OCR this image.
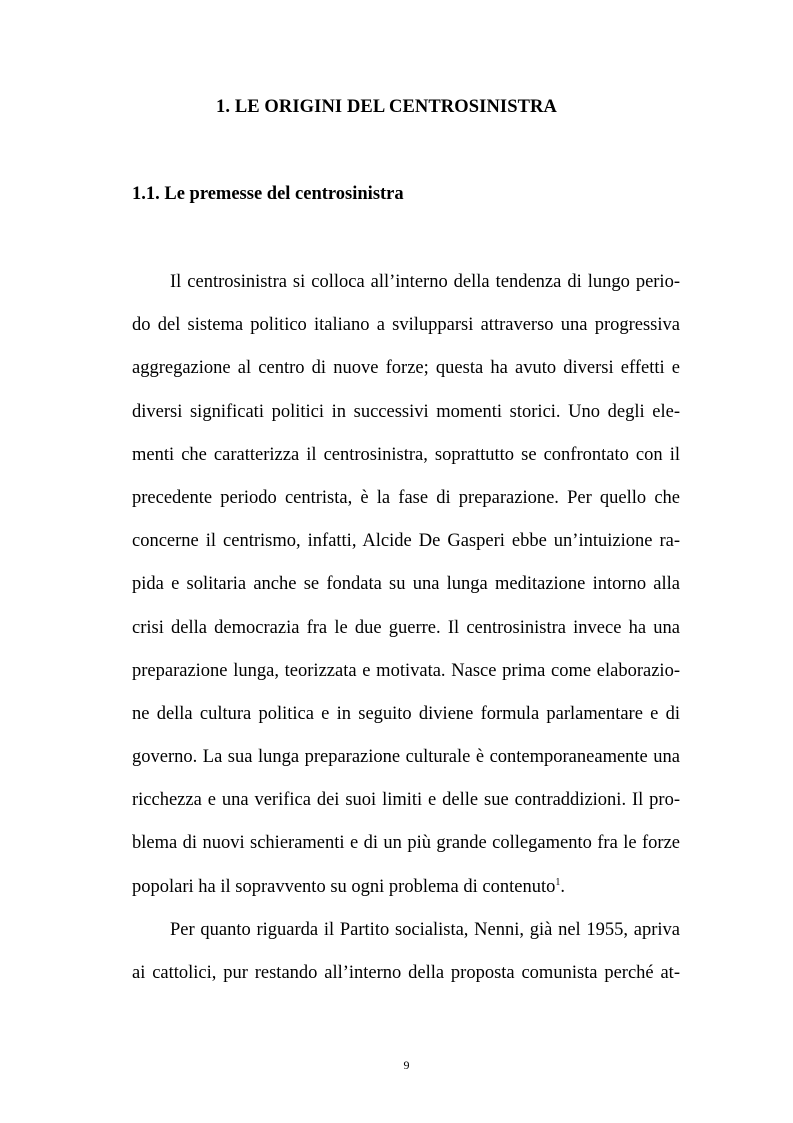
1. LE ORIGINI DEL CENTROSINISTRA
1.1. Le premesse del centrosinistra
Il centrosinistra si colloca all’interno della tendenza di lungo perio-
do del sistema politico italiano a svilupparsi attraverso una progressiva
aggregazione al centro di nuove forze; questa ha avuto diversi effetti e
diversi significati politici in successivi momenti storici. Uno degli ele-
menti che caratterizza il centrosinistra, soprattutto se confrontato con il
precedente periodo centrista, è la fase di preparazione. Per quello che
concerne il centrismo, infatti, Alcide De Gasperi ebbe un’intuizione ra-
pida e solitaria anche se fondata su una lunga meditazione intorno alla
crisi della democrazia fra le due guerre. Il centrosinistra invece ha una
preparazione lunga, teorizzata e motivata. Nasce prima come elaborazio-
ne della cultura politica e in seguito diviene formula parlamentare e di
governo. La sua lunga preparazione culturale è contemporaneamente una
ricchezza e una verifica dei suoi limiti e delle sue contraddizioni. Il pro-
blema di nuovi schieramenti e di un più grande collegamento fra le forze
popolari ha il sopravvento su ogni problema di contenuto$^1$.
Per quanto riguarda il Partito socialista, Nenni, già nel 1955, apriva
ai cattolici, pur restando all’interno della proposta comunista perché at-

9
